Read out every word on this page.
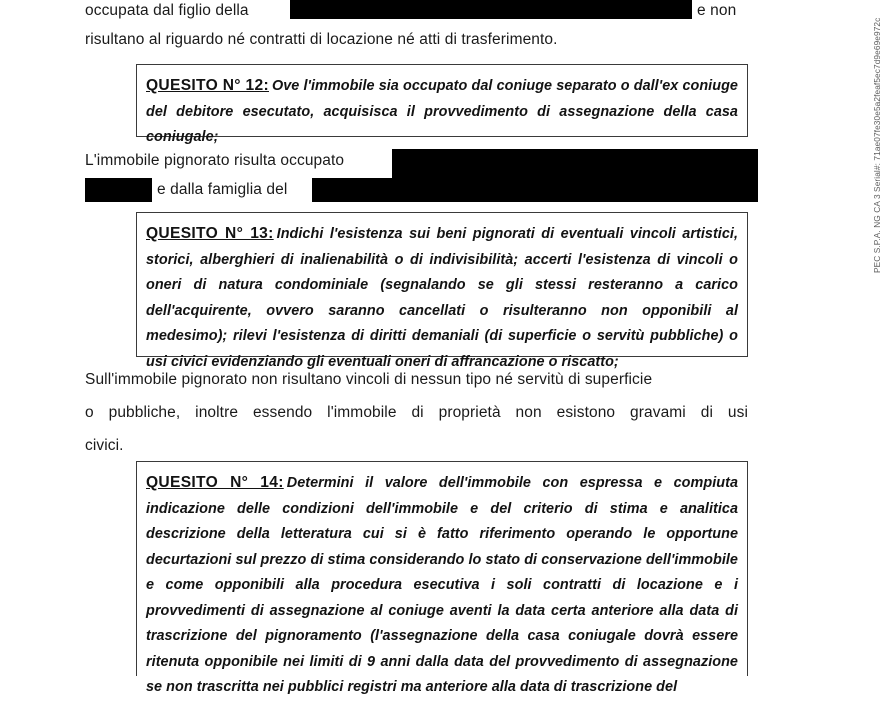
occupata dal figlio della	e non
risultano al riguardo né contratti di locazione né atti di trasferimento.

QUESITO N° 12: Ove l'immobile sia occupato dal coniuge separato o dall'ex coniuge del debitore esecutato, acquisisca il provvedimento di assegnazione della casa coniugale;

L'immobile pignorato risulta occupato
e dalla famiglia del

QUESITO N° 13: Indichi l'esistenza sui beni pignorati di eventuali vincoli artistici, storici, alberghieri di inalienabilità o di indivisibilità; accerti l'esistenza di vincoli o oneri di natura condominiale (segnalando se gli stessi resteranno a carico dell'acquirente, ovvero saranno cancellati o risulteranno non opponibili al medesimo); rilevi l'esistenza di diritti demaniali (di superficie o servitù pubbliche) o usi civici evidenziando gli eventuali oneri di affrancazione o riscatto;

Sull'immobile pignorato non risultano vincoli di nessun tipo né servitù di superficie
o pubbliche, inoltre essendo l'immobile di proprietà non esistono gravami di usi
civici.

QUESITO N° 14: Determini il valore dell'immobile con espressa e compiuta indicazione delle condizioni dell'immobile e del criterio di stima e analitica descrizione della letteratura cui si è fatto riferimento operando le opportune decurtazioni sul prezzo di stima considerando lo stato di conservazione dell'immobile e come opponibili alla procedura esecutiva i soli contratti di locazione e i provvedimenti di assegnazione al coniuge aventi la data certa anteriore alla data di trascrizione del pignoramento (l'assegnazione della casa coniugale dovrà essere ritenuta opponibile nei limiti di 9 anni dalla data del provvedimento di assegnazione se non trascritta nei pubblici registri ma anteriore alla data di trascrizione del

PEC S.P.A. NG CA 3 Serial#: 71ae07fe30e5a2feaf5ec7d9e69e972c
